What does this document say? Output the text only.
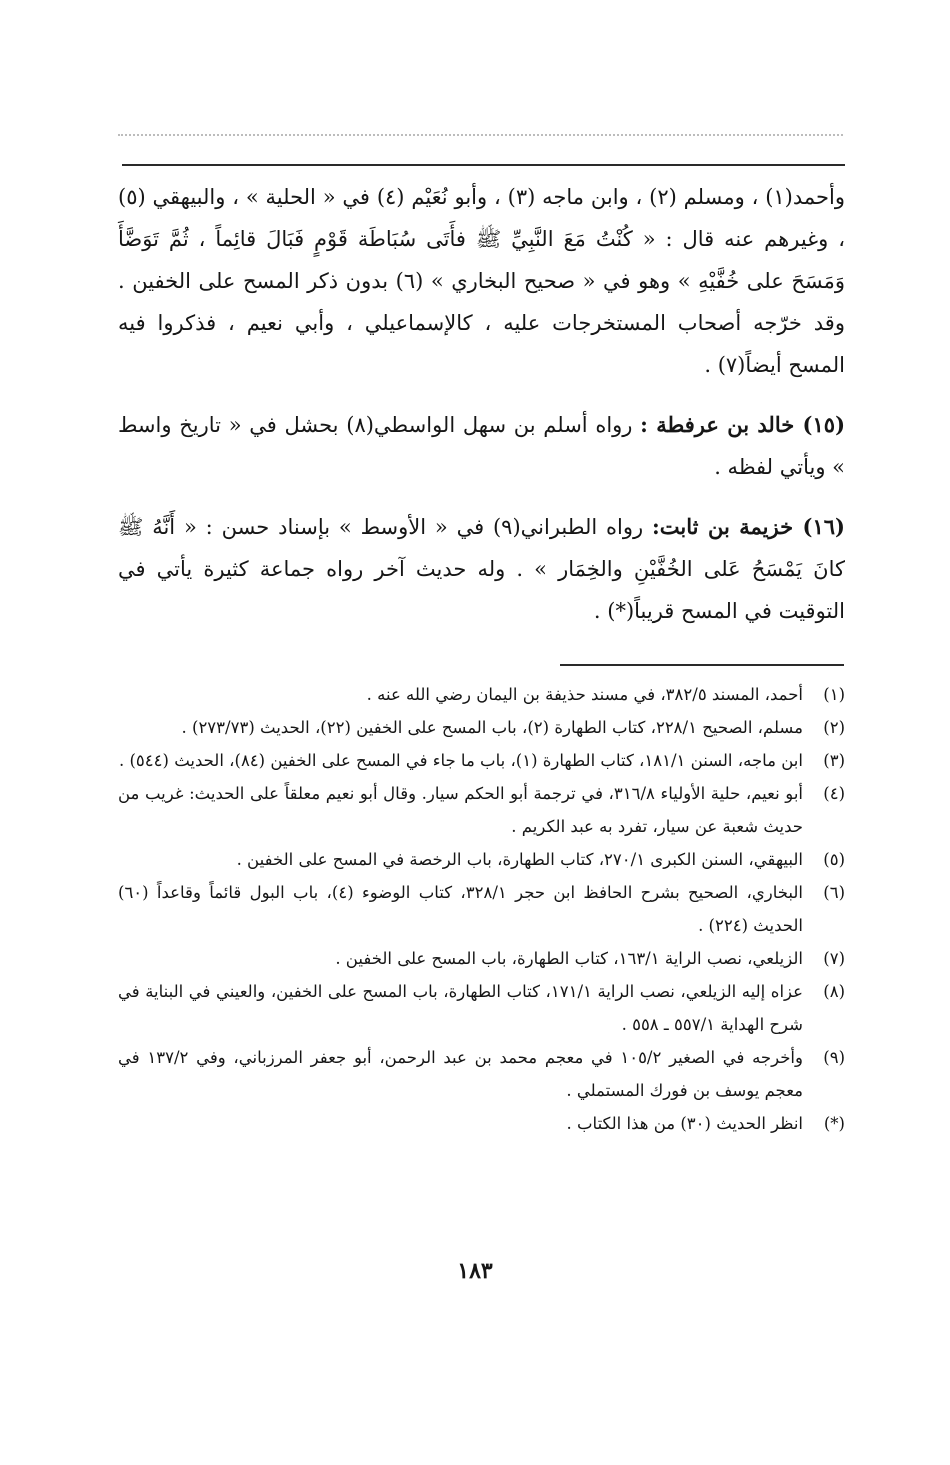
وأحمد(١) ، ومسلم (٢) ، وابن ماجه (٣) ، وأبو نُعَيْم (٤) في « الحلية » ، والبيهقي (٥) ، وغيرهم عنه قال : « كُنْتُ مَعَ النَّبِيِّ ﷺ فأَتَى سُبَاطَة قَوْمٍ فَبَالَ قائِماً ، ثُمَّ تَوَضَّأَ وَمَسَحَ على خُفَّيْهِ » وهو في « صحيح البخاري » (٦) بدون ذكر المسح على الخفين . وقد خرّجه أصحاب المستخرجات عليه ، كالإسماعيلي ، وأبي نعيم ، فذكروا فيه المسح أيضاً(٧) .

(١٥) خالد بن عرفطة : رواه أسلم بن سهل الواسطي(٨) بحشل في « تاريخ واسط » ويأتي لفظه .

(١٦) خزيمة بن ثابت: رواه الطبراني(٩) في « الأوسط » بإسناد حسن : « أَنَّهُ ﷺ كانَ يَمْسَحُ عَلى الخُفَّيْنِ والخِمَار » . وله حديث آخر رواه جماعة كثيرة يأتي في التوقيت في المسح قريباً(*) .

(١)
أحمد، المسند ٣٨٢/٥، في مسند حذيفة بن اليمان رضي الله عنه .
(٢)
مسلم، الصحيح ٢٢٨/١، كتاب الطهارة (٢)، باب المسح على الخفين (٢٢)، الحديث (٢٧٣/٧٣) .
(٣)
ابن ماجه، السنن ١٨١/١، كتاب الطهارة (١)، باب ما جاء في المسح على الخفين (٨٤)، الحديث (٥٤٤) .
(٤)
أبو نعيم، حلية الأولياء ٣١٦/٨، في ترجمة أبو الحكم سيار. وقال أبو نعيم معلقاً على الحديث: غريب من حديث شعبة عن سيار، تفرد به عبد الكريم .
(٥)
البيهقي، السنن الكبرى ٢٧٠/١، كتاب الطهارة، باب الرخصة في المسح على الخفين .
(٦)
البخاري، الصحيح بشرح الحافظ ابن حجر ٣٢٨/١، كتاب الوضوء (٤)، باب البول قائماً وقاعداً (٦٠) الحديث (٢٢٤) .
(٧)
الزيلعي، نصب الراية ١٦٣/١، كتاب الطهارة، باب المسح على الخفين .
(٨)
عزاه إليه الزيلعي، نصب الراية ١٧١/١، كتاب الطهارة، باب المسح على الخفين، والعيني في البناية في شرح الهداية ٥٥٧/١ ـ ٥٥٨ .
(٩)
وأخرجه في الصغير ١٠٥/٢ في معجم محمد بن عبد الرحمن، أبو جعفر المرزباني، وفي ١٣٧/٢ في معجم يوسف بن فورك المستملي .
(*)
انظر الحديث (٣٠) من هذا الكتاب .
١٨٣
